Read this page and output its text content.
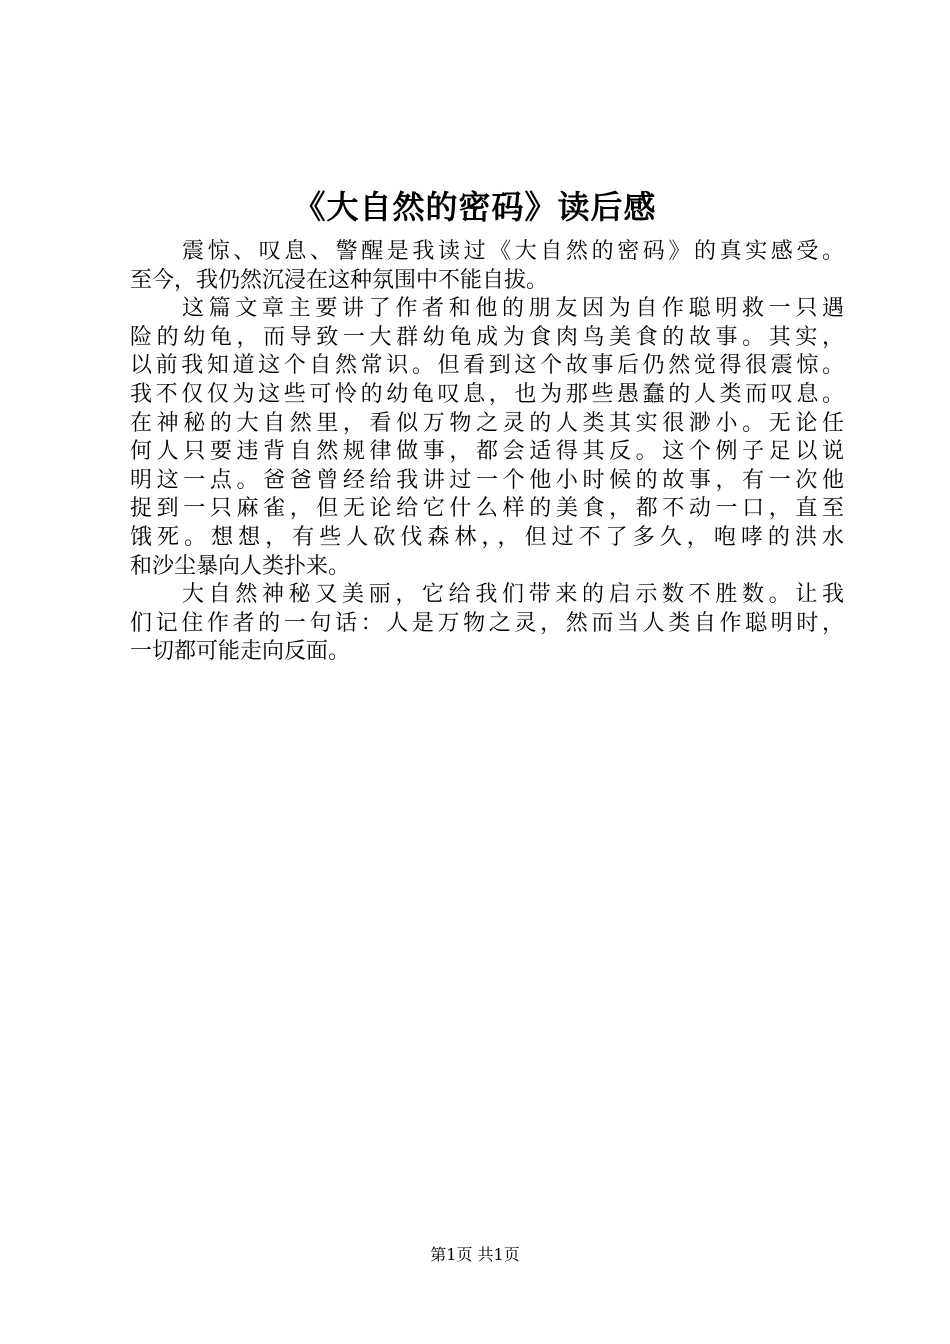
《大自然的密码》读后感
震惊、叹息、警醒是我读过《大自然的密码》的真实感受。
至今，我仍然沉浸在这种氛围中不能自拔。
这篇文章主要讲了作者和他的朋友因为自作聪明救一只遇
险的幼龟，而导致一大群幼龟成为食肉鸟美食的故事。其实，
以前我知道这个自然常识。但看到这个故事后仍然觉得很震惊。
我不仅仅为这些可怜的幼龟叹息，也为那些愚蠢的人类而叹息。
在神秘的大自然里，看似万物之灵的人类其实很渺小。无论任
何人只要违背自然规律做事，都会适得其反。这个例子足以说
明这一点。爸爸曾经给我讲过一个他小时候的故事，有一次他
捉到一只麻雀，但无论给它什么样的美食，都不动一口，直至
饿死。想想，有些人砍伐森林，，但过不了多久，咆哮的洪水
和沙尘暴向人类扑来。
大自然神秘又美丽，它给我们带来的启示数不胜数。让我
们记住作者的一句话：人是万物之灵，然而当人类自作聪明时，
一切都可能走向反面。
第1页 共1页
